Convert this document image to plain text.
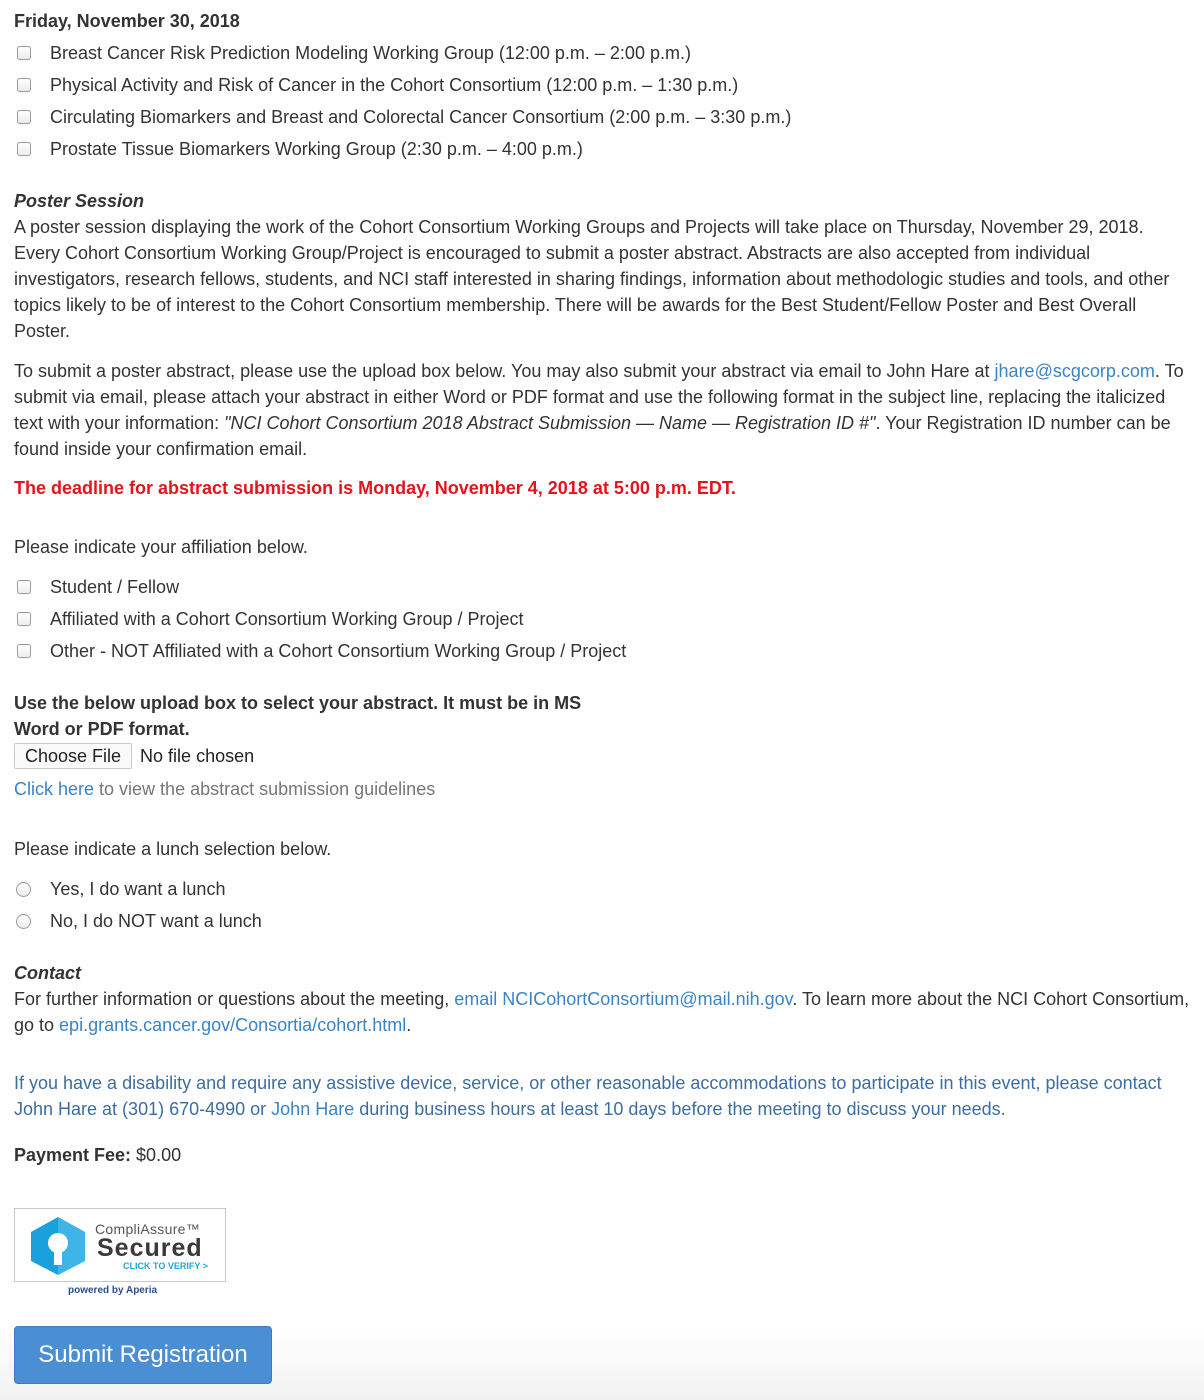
Friday, November 30, 2018
Breast Cancer Risk Prediction Modeling Working Group (12:00 p.m. – 2:00 p.m.)
Physical Activity and Risk of Cancer in the Cohort Consortium (12:00 p.m. – 1:30 p.m.)
Circulating Biomarkers and Breast and Colorectal Cancer Consortium (2:00 p.m. – 3:30 p.m.)
Prostate Tissue Biomarkers Working Group (2:30 p.m. – 4:00 p.m.)
Poster Session

A poster session displaying the work of the Cohort Consortium Working Groups and Projects will take place on Thursday, November 29, 2018. Every Cohort Consortium Working Group/Project is encouraged to submit a poster abstract. Abstracts are also accepted from individual investigators, research fellows, students, and NCI staff interested in sharing findings, information about methodologic studies and tools, and other topics likely to be of interest to the Cohort Consortium membership. There will be awards for the Best Student/Fellow Poster and Best Overall Poster.

To submit a poster abstract, please use the upload box below. You may also submit your abstract via email to John Hare at jhare@scgcorp.com. To submit via email, please attach your abstract in either Word or PDF format and use the following format in the subject line, replacing the italicized text with your information: "NCI Cohort Consortium 2018 Abstract Submission — Name — Registration ID #". Your Registration ID number can be found inside your confirmation email.

The deadline for abstract submission is Monday, November 4, 2018 at 5:00 p.m. EDT.
Please indicate your affiliation below.
Student / Fellow
Affiliated with a Cohort Consortium Working Group / Project
Other - NOT Affiliated with a Cohort Consortium Working Group / Project
Use the below upload box to select your abstract. It must be in MS Word or PDF format.
Choose File	No file chosen
Click here to view the abstract submission guidelines
Please indicate a lunch selection below.
Yes, I do want a lunch
No, I do NOT want a lunch
Contact

For further information or questions about the meeting, email NCICohortConsortium@mail.nih.gov. To learn more about the NCI Cohort Consortium, go to epi.grants.cancer.gov/Consortia/cohort.html.

If you have a disability and require any assistive device, service, or other reasonable accommodations to participate in this event, please contact John Hare at (301) 670-4990 or John Hare during business hours at least 10 days before the meeting to discuss your needs.

Payment Fee: $0.00
CompliAssure™
Secured
CLICK TO VERIFY >
powered by Aperia
Submit Registration
